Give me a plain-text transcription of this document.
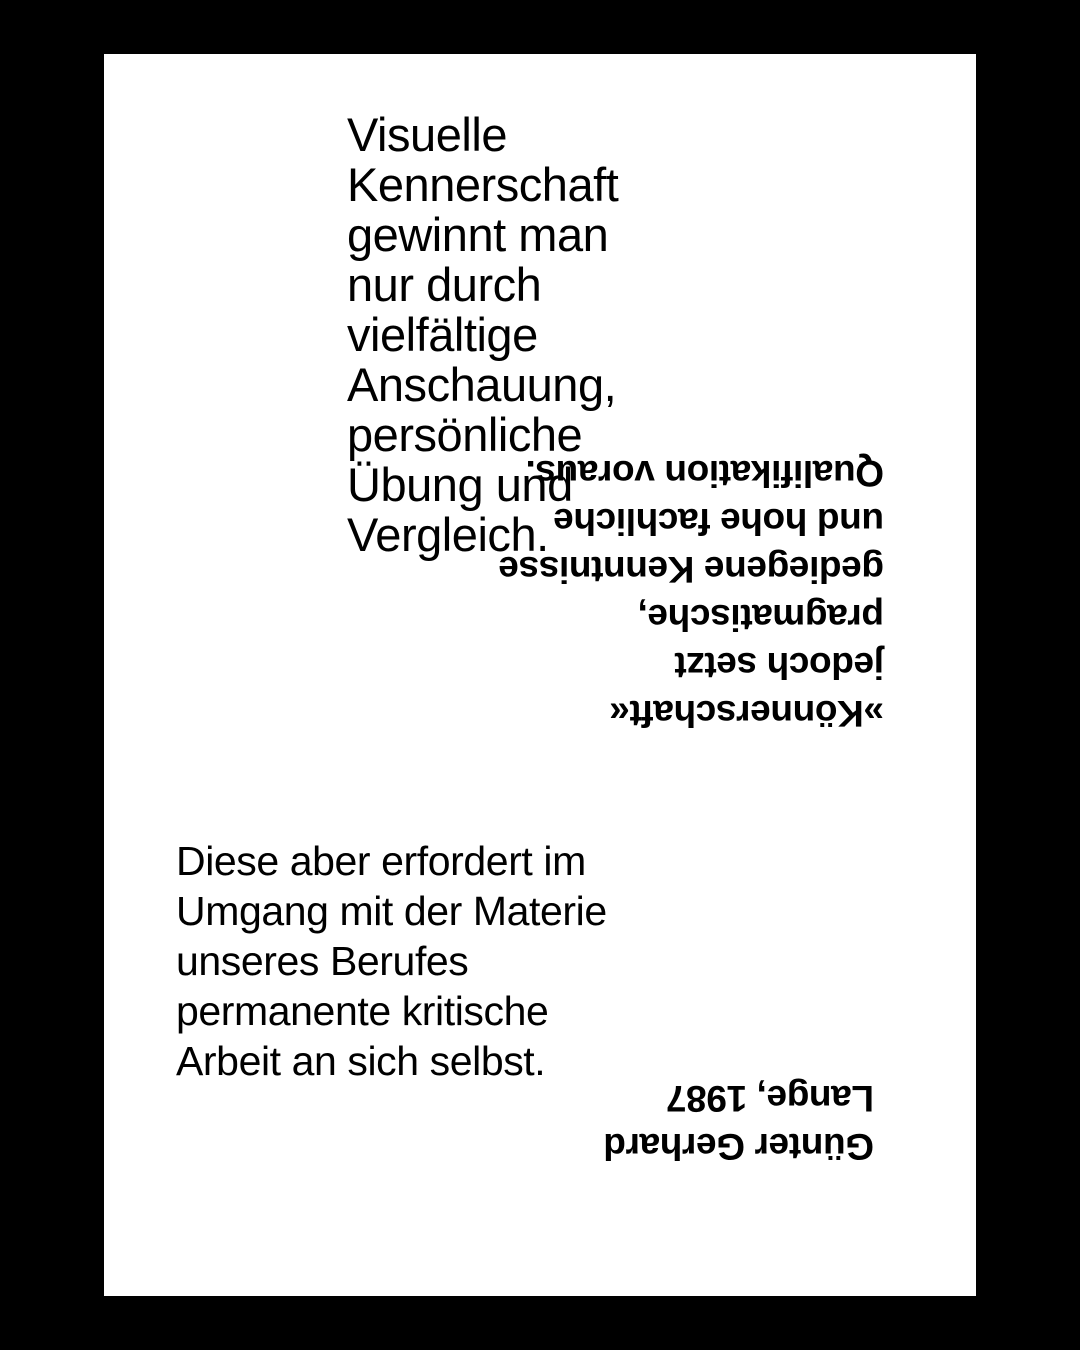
Visuelle Kennerschaft gewinnt man nur durch vielfältige Anschauung, persönliche Übung und Vergleich.
»Könnerschaft« jedoch setzt pragmatische, gediegene Kenntnisse und hohe fachliche Qualifikation voraus.
Diese aber erfordert im Umgang mit der Materie unseres Berufes permanente kritische Arbeit an sich selbst.
Günter Gerhard Lange, 1987
